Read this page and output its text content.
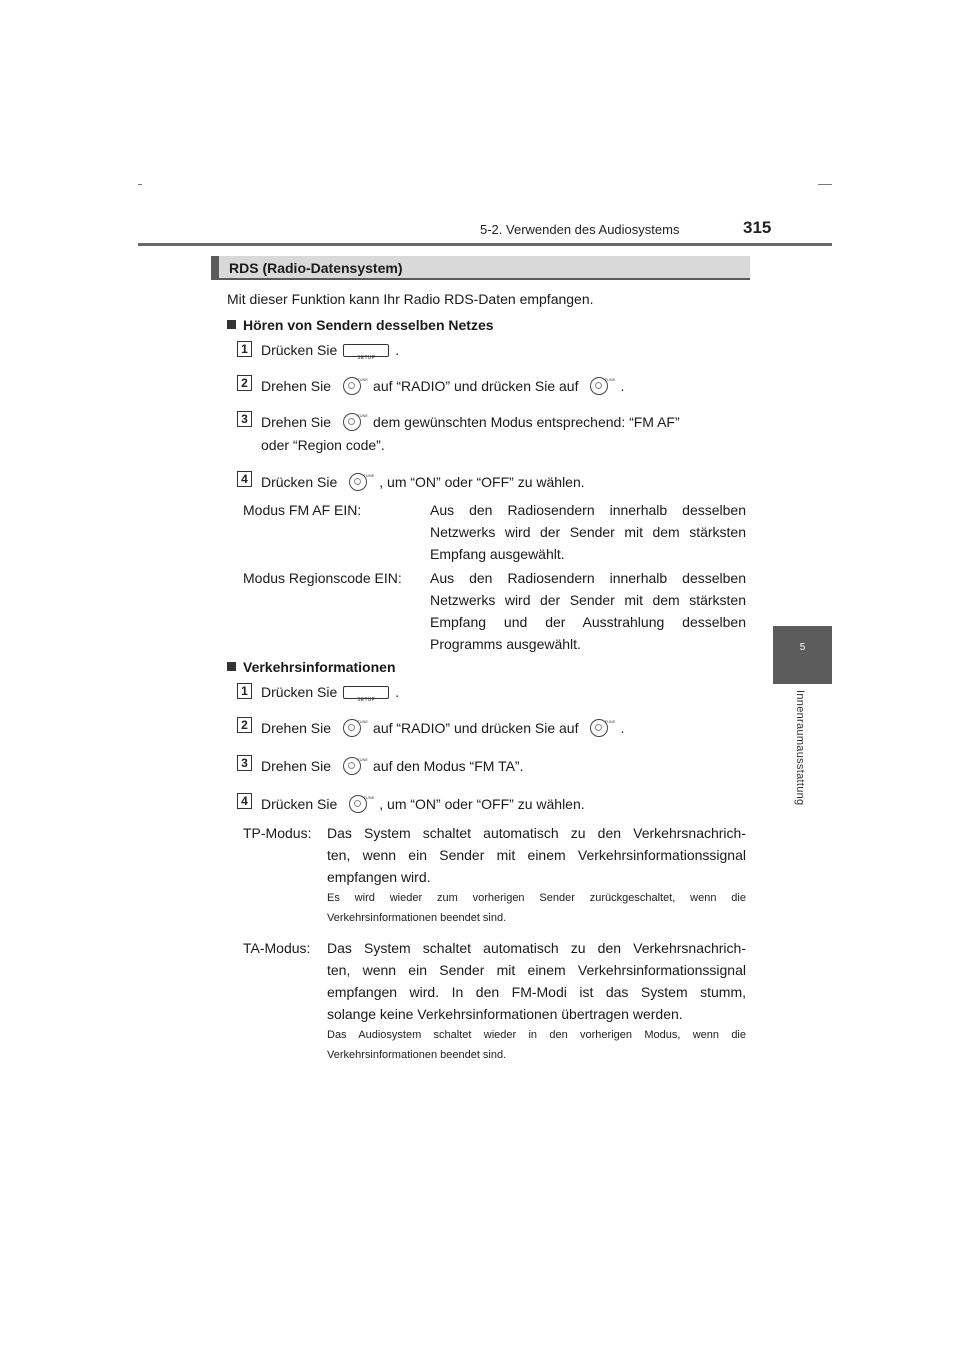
5-2. Verwenden des Audiosystems	315
5
Innenraumausstattung
RDS (Radio-Datensystem)
Mit dieser Funktion kann Ihr Radio RDS-Daten empfangen.
Hören von Sendern desselben Netzes
1 Drücken Sie	SETUP	.
2 Drehen Sie	TUNE auf “RADIO” und drücken Sie auf	TUNE .
3 Drehen Sie	TUNE dem gewünschten Modus entsprechend: “FM AF”
oder “Region code”.
4 Drücken Sie	TUNE , um “ON” oder “OFF” zu wählen.
Modus FM AF EIN:	Aus den Radiosendern innerhalb desselben
Netzwerks wird der Sender mit dem stärksten
Empfang ausgewählt.
Modus Regionscode EIN: Aus den Radiosendern innerhalb desselben
Netzwerks wird der Sender mit dem stärksten
Empfang und der Ausstrahlung desselben
Programms ausgewählt.
Verkehrsinformationen
1 Drücken Sie	SETUP	.
2 Drehen Sie	TUNE auf “RADIO” und drücken Sie auf	TUNE .
3 Drehen Sie	TUNE auf den Modus “FM TA”.
4 Drücken Sie	TUNE , um “ON” oder “OFF” zu wählen.
TP-Modus: Das System schaltet automatisch zu den Verkehrsnachrich-
ten, wenn ein Sender mit einem Verkehrsinformationssignal
empfangen wird.
Es wird wieder zum vorherigen Sender zurückgeschaltet, wenn die
Verkehrsinformationen beendet sind.
TA-Modus: Das System schaltet automatisch zu den Verkehrsnachrich-
ten, wenn ein Sender mit einem Verkehrsinformationssignal
empfangen wird. In den FM-Modi ist das System stumm,
solange keine Verkehrsinformationen übertragen werden.
Das Audiosystem schaltet wieder in den vorherigen Modus, wenn die
Verkehrsinformationen beendet sind.
